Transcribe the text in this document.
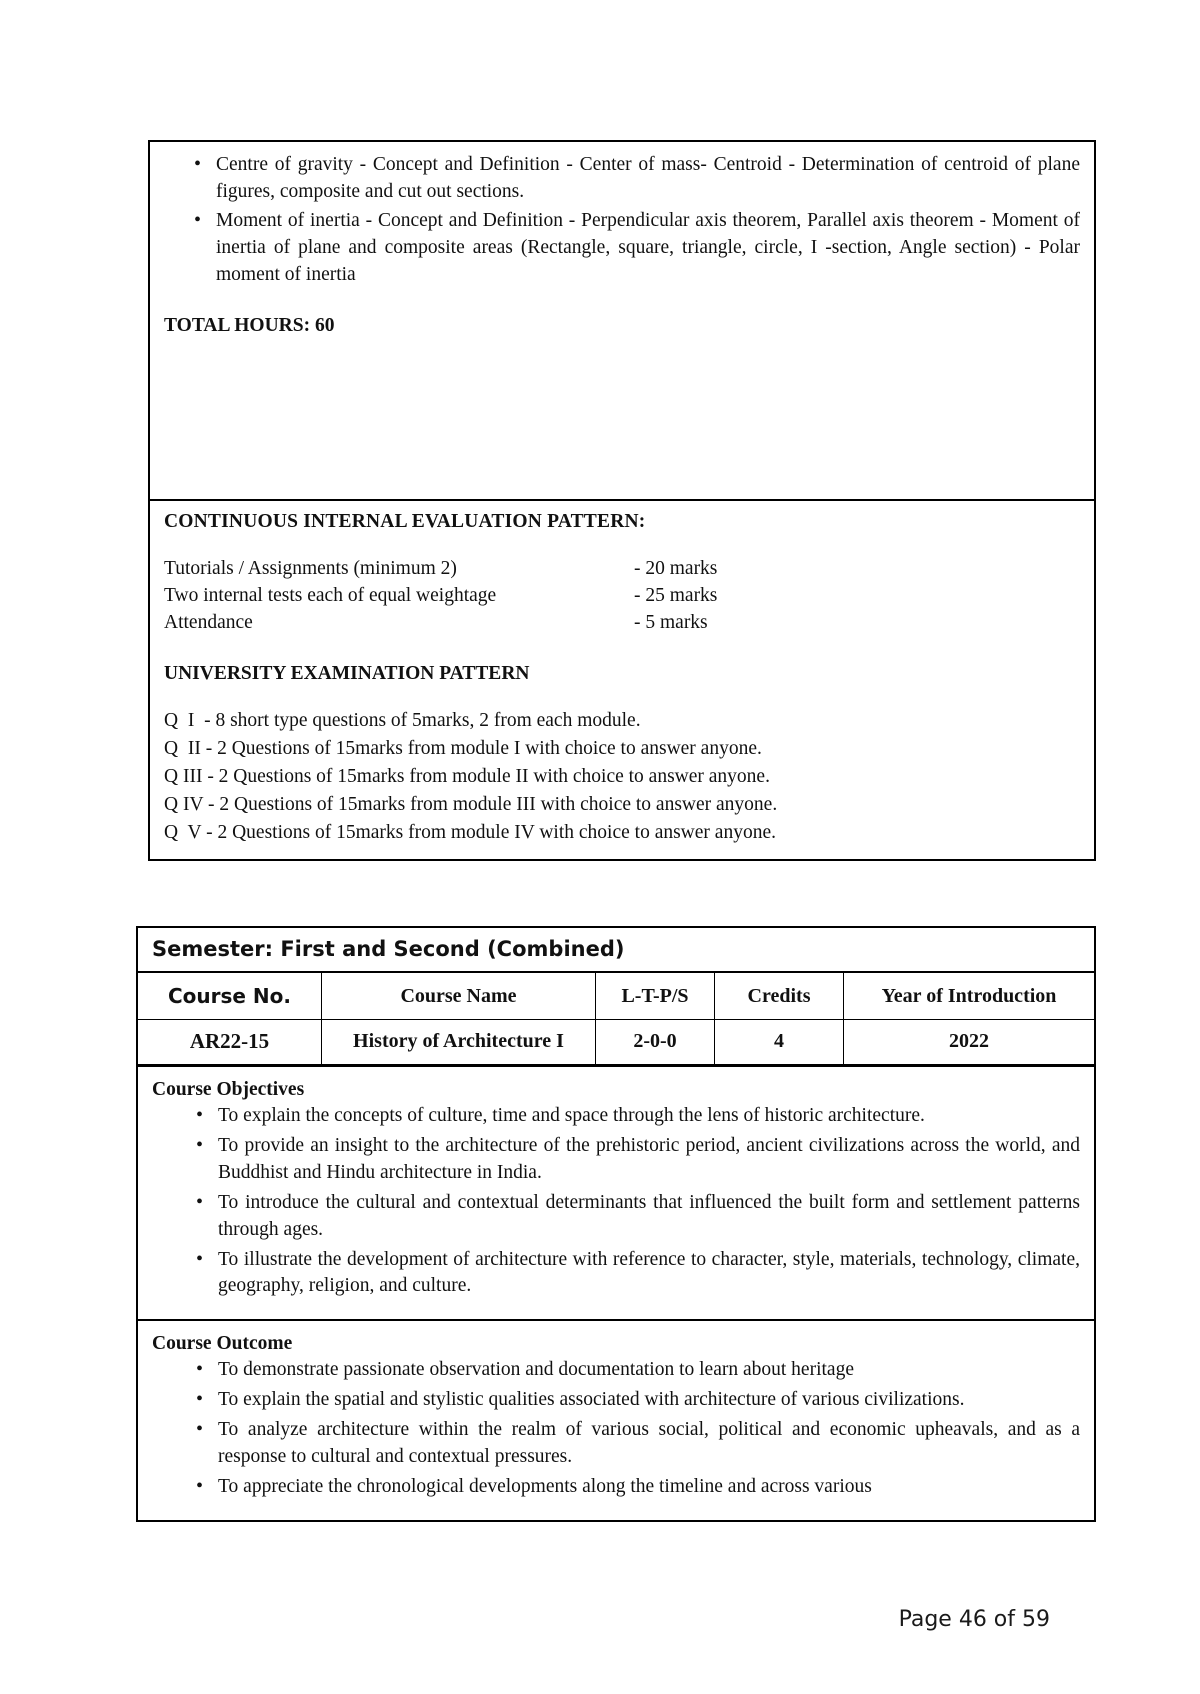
• Centre of gravity - Concept and Definition - Center of mass- Centroid - Determination of centroid of plane figures, composite and cut out sections.
• Moment of inertia - Concept and Definition - Perpendicular axis theorem, Parallel axis theorem - Moment of inertia of plane and composite areas (Rectangle, square, triangle, circle, I -section, Angle section) - Polar moment of inertia
TOTAL HOURS: 60
CONTINUOUS INTERNAL EVALUATION PATTERN:
Tutorials / Assignments (minimum 2)	- 20 marks
Two internal tests each of equal weightage	- 25 marks
Attendance	- 5 marks
UNIVERSITY EXAMINATION PATTERN
Q  I  - 8 short type questions of 5marks, 2 from each module.
Q  II - 2 Questions of 15marks from module I with choice to answer anyone.
Q III - 2 Questions of 15marks from module II with choice to answer anyone.
Q IV - 2 Questions of 15marks from module III with choice to answer anyone.
Q  V - 2 Questions of 15marks from module IV with choice to answer anyone.
Semester: First and Second (Combined)
Course No.	Course Name	L-T-P/S	Credits	Year of Introduction
AR22-15	History of Architecture I	2-0-0	4	2022
Course Objectives
• To explain the concepts of culture, time and space through the lens of historic architecture.
• To provide an insight to the architecture of the prehistoric period, ancient civilizations across the world, and Buddhist and Hindu architecture in India.
• To introduce the cultural and contextual determinants that influenced the built form and settlement patterns through ages.
• To illustrate the development of architecture with reference to character, style, materials, technology, climate, geography, religion, and culture.
Course Outcome
• To demonstrate passionate observation and documentation to learn about heritage
• To explain the spatial and stylistic qualities associated with architecture of various civilizations.
• To analyze architecture within the realm of various social, political and economic upheavals, and as a response to cultural and contextual pressures.
• To appreciate the chronological developments along the timeline and across various
Page 46 of 59
